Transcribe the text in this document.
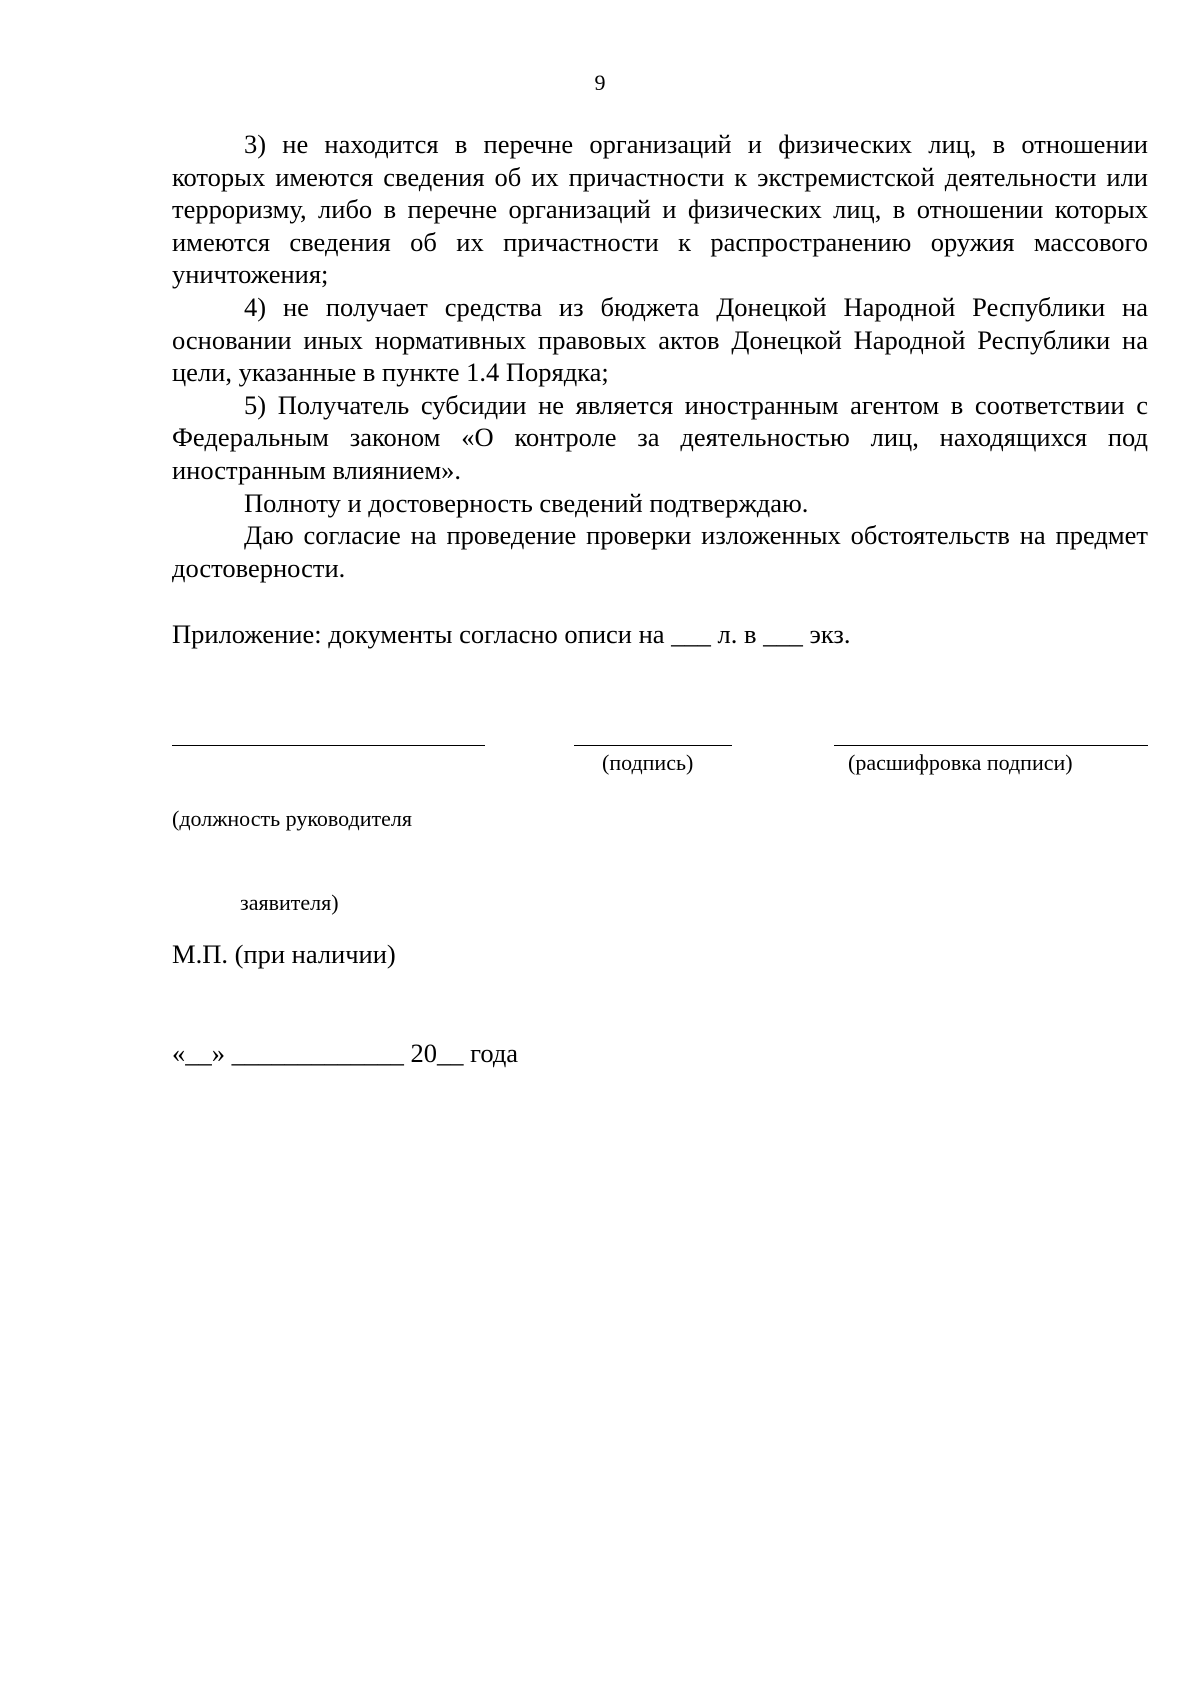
9

3) не находится в перечне организаций и физических лиц, в отношении которых имеются сведения об их причастности к экстремистской деятельности или терроризму, либо в перечне организаций и физических лиц, в отношении которых имеются сведения об их причастности к распространению оружия массового уничтожения;

4) не получает средства из бюджета Донецкой Народной Республики на основании иных нормативных правовых актов Донецкой Народной Республики на цели, указанные в пункте 1.4 Порядка;

5) Получатель субсидии не является иностранным агентом в соответствии с Федеральным законом «О контроле за деятельностью лиц, находящихся под иностранным влиянием».

Полноту и достоверность сведений подтверждаю.

Даю согласие на проведение проверки изложенных обстоятельств на предмет достоверности.

Приложение: документы согласно описи на ___ л. в ___ экз.

(должность руководителя

заявителя)

(подпись)	(расшифровка подписи)

М.П. (при наличии)

«__» _____________ 20__ года
